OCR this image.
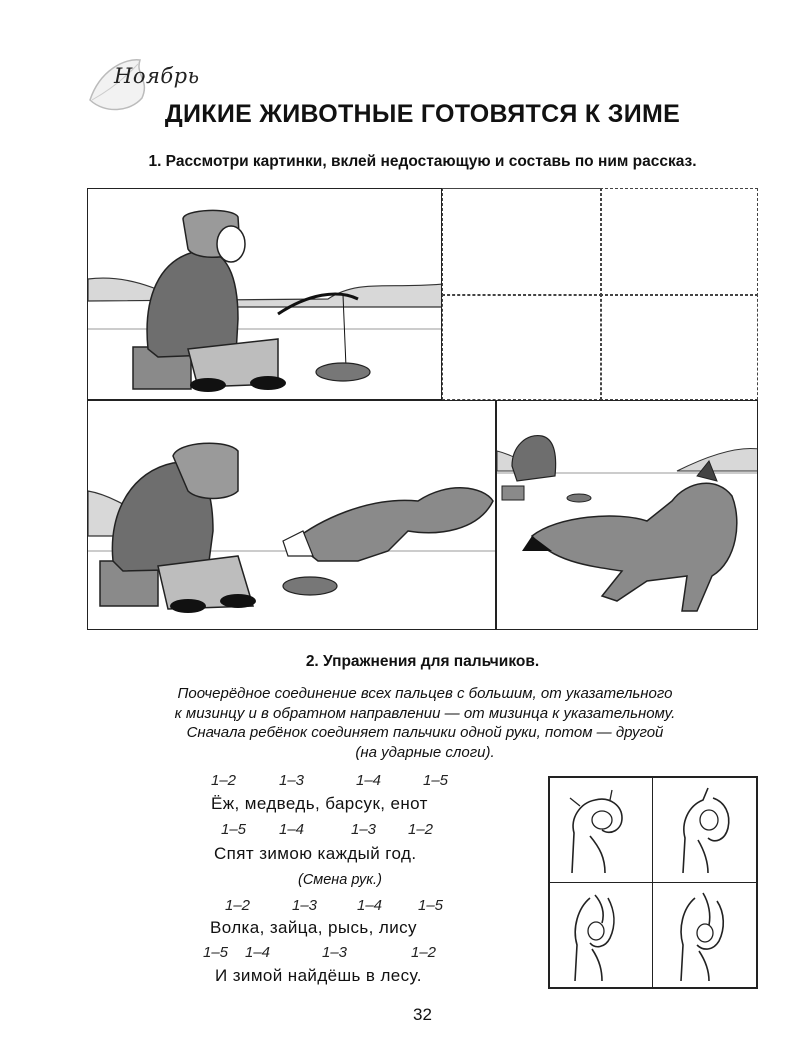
Ноябрь
ДИКИЕ ЖИВОТНЫЕ ГОТОВЯТСЯ К ЗИМЕ
1. Рассмотри картинки, вклей недостающую и составь по ним рассказ.
2. Упражнения для пальчиков.
Поочерёдное соединение всех пальцев с большим, от указательного
к мизинцу и в обратном направлении — от мизинца к указательному.
Сначала ребёнок соединяет пальчики одной руки, потом — другой
(на ударные слоги).
1–2	1–3	1–4	1–5
Ёж, медведь, барсук, енот
1–5 1–4	1–3 1–2
Спят зимою каждый год.
(Смена рук.)
1–2	1–3	1–4 1–5
Волка, зайца, рысь, лису
1–5 1–4	1–3	1–2
И зимой найдёшь в лесу.
32
